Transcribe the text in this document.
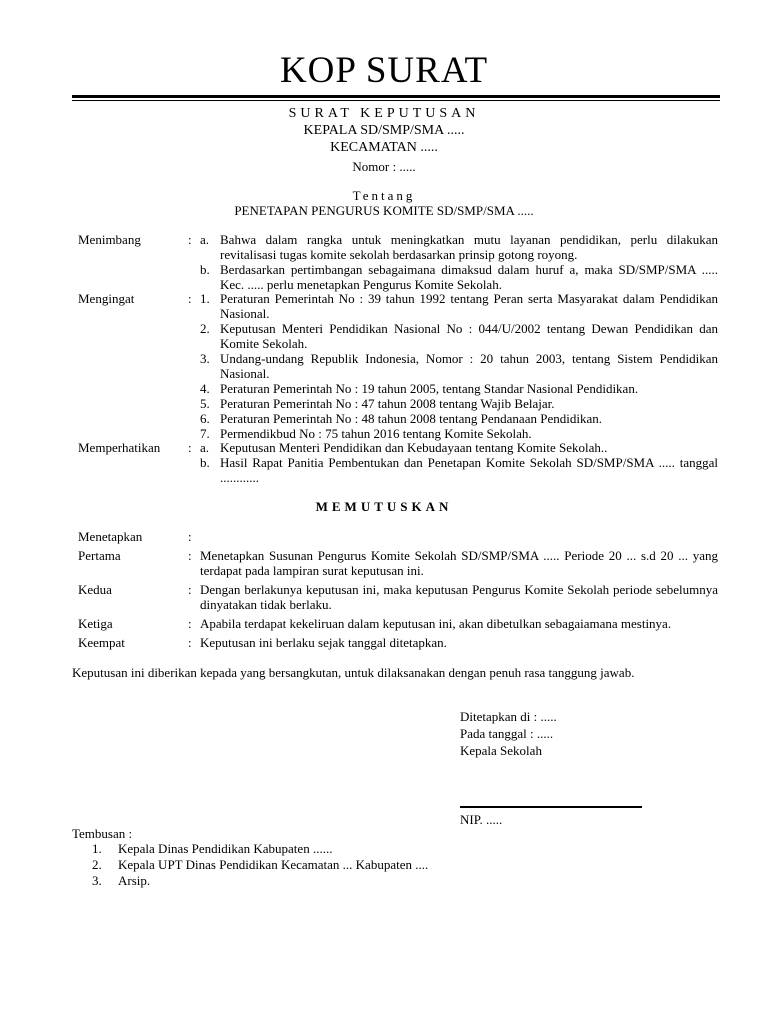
KOP SURAT
SURAT KEPUTUSAN
KEPALA SD/SMP/SMA .....
KECAMATAN .....
Nomor : .....
Tentang
PENETAPAN PENGURUS KOMITE SD/SMP/SMA .....
Menimbang	: a. Bahwa dalam rangka untuk meningkatkan mutu layanan pendidikan, perlu dilakukan revitalisasi tugas komite sekolah berdasarkan prinsip gotong royong.
b. Berdasarkan pertimbangan sebagaimana dimaksud dalam huruf a, maka SD/SMP/SMA ..... Kec. ..... perlu menetapkan Pengurus Komite Sekolah.
Mengingat	: 1. Peraturan Pemerintah No : 39 tahun 1992 tentang Peran serta Masyarakat dalam Pendidikan Nasional.
2. Keputusan Menteri Pendidikan Nasional No : 044/U/2002 tentang Dewan Pendidikan dan Komite Sekolah.
3. Undang-undang Republik Indonesia, Nomor : 20 tahun 2003, tentang Sistem Pendidikan Nasional.
4. Peraturan Pemerintah No : 19 tahun 2005, tentang Standar Nasional Pendidikan.
5. Peraturan Pemerintah No : 47 tahun 2008 tentang Wajib Belajar.
6. Peraturan Pemerintah No : 48 tahun 2008 tentang Pendanaan Pendidikan.
7. Permendikbud No : 75 tahun 2016 tentang Komite Sekolah.
Memperhatikan	: a. Keputusan Menteri Pendidikan dan Kebudayaan tentang Komite Sekolah..
b. Hasil Rapat Panitia Pembentukan dan Penetapan Komite Sekolah SD/SMP/SMA ..... tanggal ............
MEMUTUSKAN
Menetapkan	:
Pertama	: Menetapkan Susunan Pengurus Komite Sekolah SD/SMP/SMA ..... Periode 20 ... s.d 20 ... yang terdapat pada lampiran surat keputusan ini.
Kedua	: Dengan berlakunya keputusan ini, maka keputusan Pengurus Komite Sekolah periode sebelumnya dinyatakan tidak berlaku.
Ketiga	: Apabila terdapat kekeliruan dalam keputusan ini, akan dibetulkan sebagaiamana mestinya.
Keempat	: Keputusan ini berlaku sejak tanggal ditetapkan.
Keputusan ini diberikan kepada yang bersangkutan, untuk dilaksanakan dengan penuh rasa tanggung jawab.
Ditetapkan di : .....
Pada tanggal : .....
Kepala Sekolah
NIP. .....
Tembusan :
1.	Kepala Dinas Pendidikan Kabupaten ......
2.	Kepala UPT Dinas Pendidikan Kecamatan ... Kabupaten ....
3.	Arsip.
